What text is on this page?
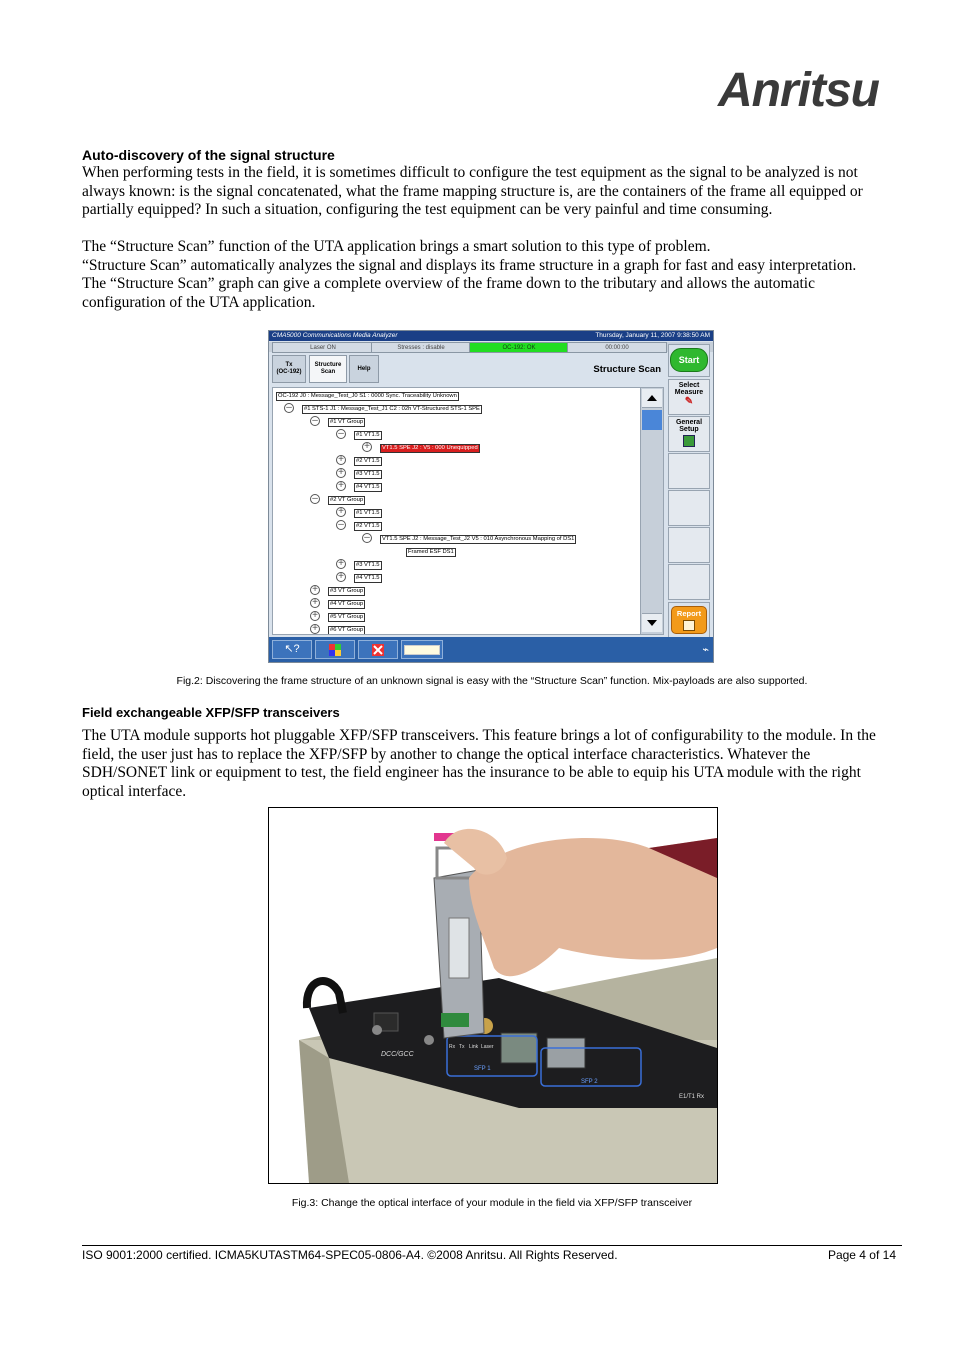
Anritsu
Auto-discovery of the signal structure
When performing tests in the field, it is sometimes difficult to configure the test equipment as the signal to be analyzed is not always known: is the signal concatenated, what the frame mapping structure is, are the containers of the frame all equipped or partially equipped? In such a situation, configuring the test equipment can be very painful and time consuming.
The “Structure Scan” function of the UTA application brings a smart solution to this type of problem.
“Structure Scan” automatically analyzes the signal and displays its frame structure in a graph for fast and easy interpretation.
The “Structure Scan” graph can give a complete overview of the frame down to the tributary and allows the automatic configuration of the UTA application.
CMA5000 Communications Media Analyzer	Thursday, January 11, 2007 9:38:50 AM
Laser ON	Stresses : disable	OC-192: OK	00:00:00
Tx
(OC-192)
Structure
Scan	Help	Structure Scan
OC-192 J0 : Message_Test_J0 S1 : 0000 Sync. Traceability Unknown
–	#1 STS-1 J1 : Message_Test_J1 C2 : 02h VT-Structured STS-1 SPE
–	#1 VT Group
–	#1 VT1.5
+	VT1.5 SPE J2 : V5 : 000 Unequipped
+	#2 VT1.5
+	#3 VT1.5
+	#4 VT1.5
–	#2 VT Group
+	#1 VT1.5
–	#2 VT1.5
–	VT1.5 SPE J2 : Message_Test_J2 V5 : 010 Asynchronous Mapping of DS1
Framed ESF DS1
+	#3 VT1.5
+	#4 VT1.5
+	#3 VT Group
+	#4 VT Group
+	#5 VT Group
+	#6 VT Group
Start
Select
Measure
✎
General
Setup
Report
↖?	⌁
Fig.2: Discovering the frame structure of an unknown signal is easy with the “Structure Scan” function. Mix-payloads are also supported.
Field exchangeable XFP/SFP transceivers
The UTA module supports hot pluggable XFP/SFP transceivers. This feature brings a lot of configurability to the module. In the field, the user just has to replace the XFP/SFP by another to change the optical interface characteristics. Whatever the SDH/SONET link or equipment to test, the field engineer has the insurance to be able to equip his UTA module with the right optical interface.
DCC/GCC
SFP 1
SFP 2
Rx Tx Link Laser
E1/T1 Rx
Fig.3: Change the optical interface of your module in the field via XFP/SFP transceiver
ISO 9001:2000 certified. ICMA5KUTASTM64-SPEC05-0806-A4. ©2008 Anritsu. All Rights Reserved.	Page 4 of 14
